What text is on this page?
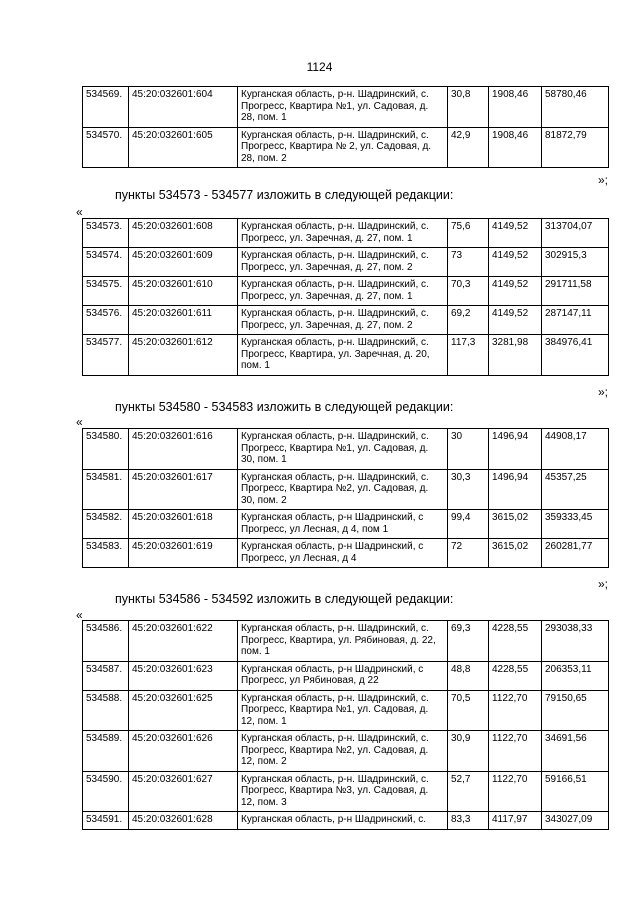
1124
534569.	45:20:032601:604	Курганская область, р-н. Шадринский, с. Прогресс, Квартира №1, ул. Садовая, д. 28, пом. 1	30,8	1908,46	58780,46
534570.	45:20:032601:605	Курганская область, р-н. Шадринский, с. Прогресс, Квартира № 2, ул. Садовая, д. 28, пом. 2	42,9	1908,46	81872,79
»;
пункты 534573 - 534577 изложить в следующей редакции:
«
534573.	45:20:032601:608	Курганская область, р-н. Шадринский, с. Прогресс, ул. Заречная, д. 27, пом. 1	75,6	4149,52	313704,07
534574.	45:20:032601:609	Курганская область, р-н. Шадринский, с. Прогресс, ул. Заречная, д. 27, пом. 2	73	4149,52	302915,3
534575.	45:20:032601:610	Курганская область, р-н. Шадринский, с. Прогресс, ул. Заречная, д. 27, пом. 1	70,3	4149,52	291711,58
534576.	45:20:032601:611	Курганская область, р-н. Шадринский, с. Прогресс, ул. Заречная, д. 27, пом. 2	69,2	4149,52	287147,11
534577.	45:20:032601:612	Курганская область, р-н. Шадринский, с. Прогресс, Квартира, ул. Заречная, д. 20, пом. 1	117,3	3281,98	384976,41
»;
пункты 534580 - 534583 изложить в следующей редакции:
«
534580.	45:20:032601:616	Курганская область, р-н. Шадринский, с. Прогресс, Квартира №1, ул. Садовая, д. 30, пом. 1	30	1496,94	44908,17
534581.	45:20:032601:617	Курганская область, р-н. Шадринский, с. Прогресс, Квартира №2, ул. Садовая, д. 30, пом. 2	30,3	1496,94	45357,25
534582.	45:20:032601:618	Курганская область, р-н Шадринский, с Прогресс, ул Лесная, д 4, пом 1	99,4	3615,02	359333,45
534583.	45:20:032601:619	Курганская область, р-н Шадринский, с Прогресс, ул Лесная, д 4	72	3615,02	260281,77
»;
пункты 534586 - 534592 изложить в следующей редакции:
«
534586.	45:20:032601:622	Курганская область, р-н. Шадринский, с. Прогресс, Квартира, ул. Рябиновая, д. 22, пом. 1	69,3	4228,55	293038,33
534587.	45:20:032601:623	Курганская область, р-н Шадринский, с Прогресс, ул Рябиновая, д 22	48,8	4228,55	206353,11
534588.	45:20:032601:625	Курганская область, р-н. Шадринский, с. Прогресс, Квартира №1, ул. Садовая, д. 12, пом. 1	70,5	1122,70	79150,65
534589.	45:20:032601:626	Курганская область, р-н. Шадринский, с. Прогресс, Квартира №2, ул. Садовая, д. 12, пом. 2	30,9	1122,70	34691,56
534590.	45:20:032601:627	Курганская область, р-н. Шадринский, с. Прогресс, Квартира №3, ул. Садовая, д. 12, пом. 3	52,7	1122,70	59166,51
534591.	45:20:032601:628	Курганская область, р-н Шадринский, с.	83,3	4117,97	343027,09
